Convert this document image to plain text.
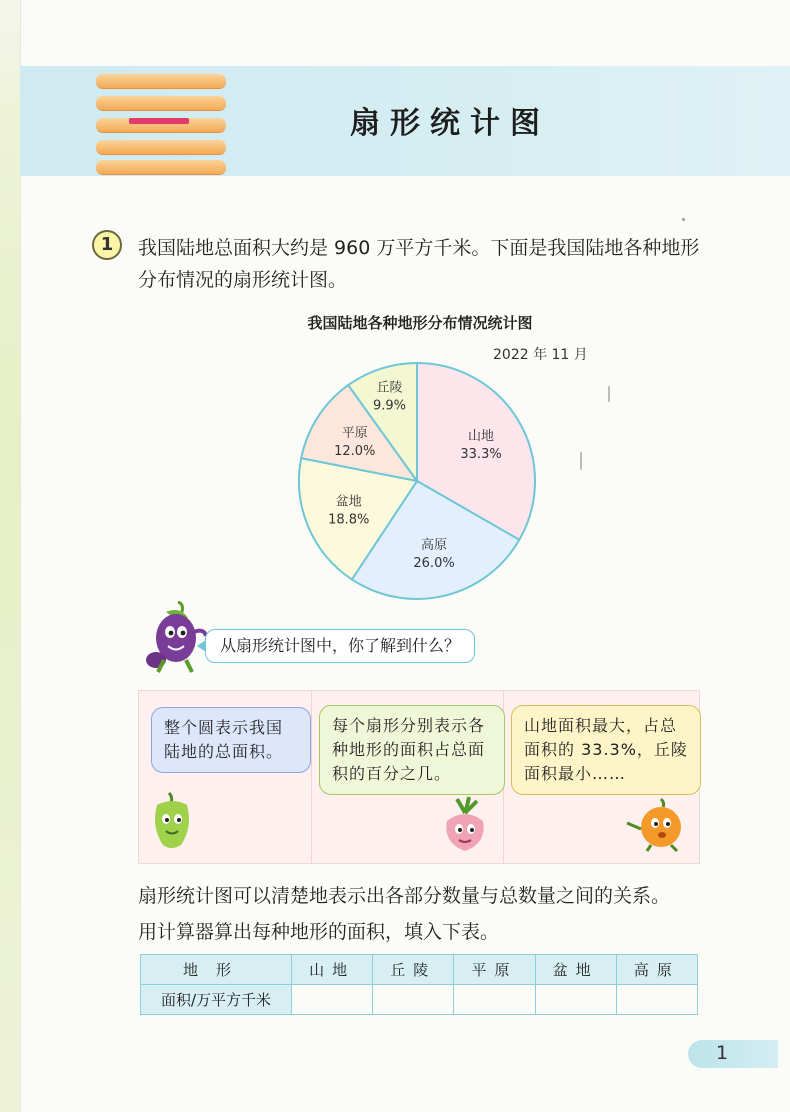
扇形统计图
1	我国陆地总面积大约是 960 万平方千米。下面是我国陆地各种地形分布情况的扇形统计图。
我国陆地各种地形分布情况统计图
2022 年 11 月
山地
33.3%
高原
26.0%
盆地
18.8%
平原
12.0%
丘陵
9.9%
从扇形统计图中，你了解到什么？
整个圆表示我国陆地的总面积。
每个扇形分别表示各种地形的面积占总面积的百分之几。
山地面积最大，占总面积的 33.3%，丘陵面积最小……
扇形统计图可以清楚地表示出各部分数量与总数量之间的关系。
用计算器算出每种地形的面积，填入下表。
地形	山地	丘陵	平原	盆地	高原
面积/万平方千米					
1
